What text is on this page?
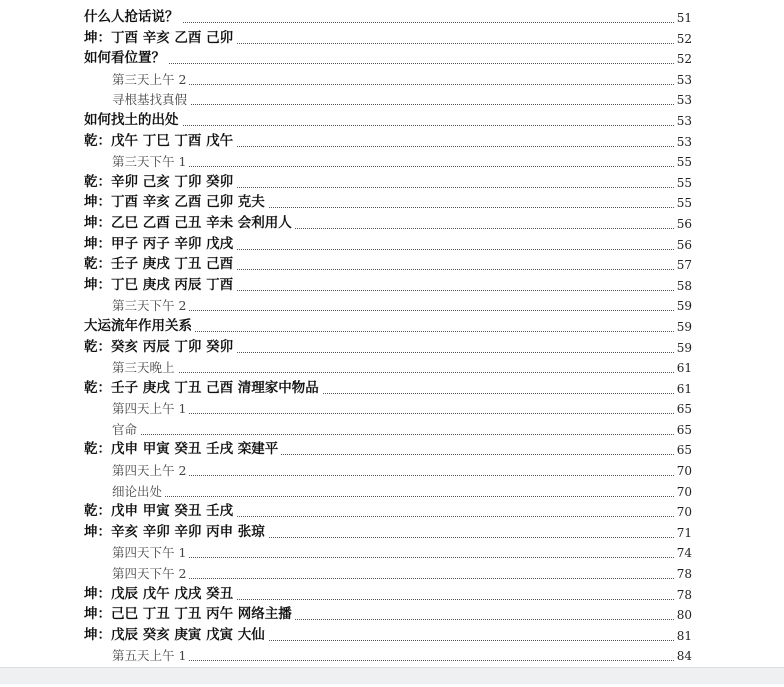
什么人抢话说？	51
坤：丁酉 辛亥 乙酉 己卯	52
如何看位置？	52
第三天上午 2	53
寻根基找真假	53
如何找土的出处	53
乾：戊午 丁巳 丁酉 戊午	53
第三天下午 1	55
乾：辛卯 己亥 丁卯 癸卯	55
坤：丁酉 辛亥 乙酉 己卯 克夫	55
坤：乙巳 乙酉 己丑 辛未 会利用人	56
坤：甲子 丙子 辛卯 戊戌	56
乾：壬子 庚戌 丁丑 己酉	57
坤：丁巳 庚戌 丙辰 丁酉	58
第三天下午 2	59
大运流年作用关系	59
乾：癸亥 丙辰 丁卯 癸卯	59
第三天晚上	61
乾：壬子 庚戌 丁丑 己酉 清理家中物品	61
第四天上午 1	65
官命	65
乾：戊申 甲寅 癸丑 壬戌 栾建平	65
第四天上午 2	70
细论出处	70
乾：戊申 甲寅 癸丑 壬戌	70
坤：辛亥 辛卯 辛卯 丙申 张琼	71
第四天下午 1	74
第四天下午 2	78
坤：戊辰 戊午 戊戌 癸丑	78
坤：己巳 丁丑 丁丑 丙午 网络主播	80
坤：戊辰 癸亥 庚寅 戊寅 大仙	81
第五天上午 1	84
